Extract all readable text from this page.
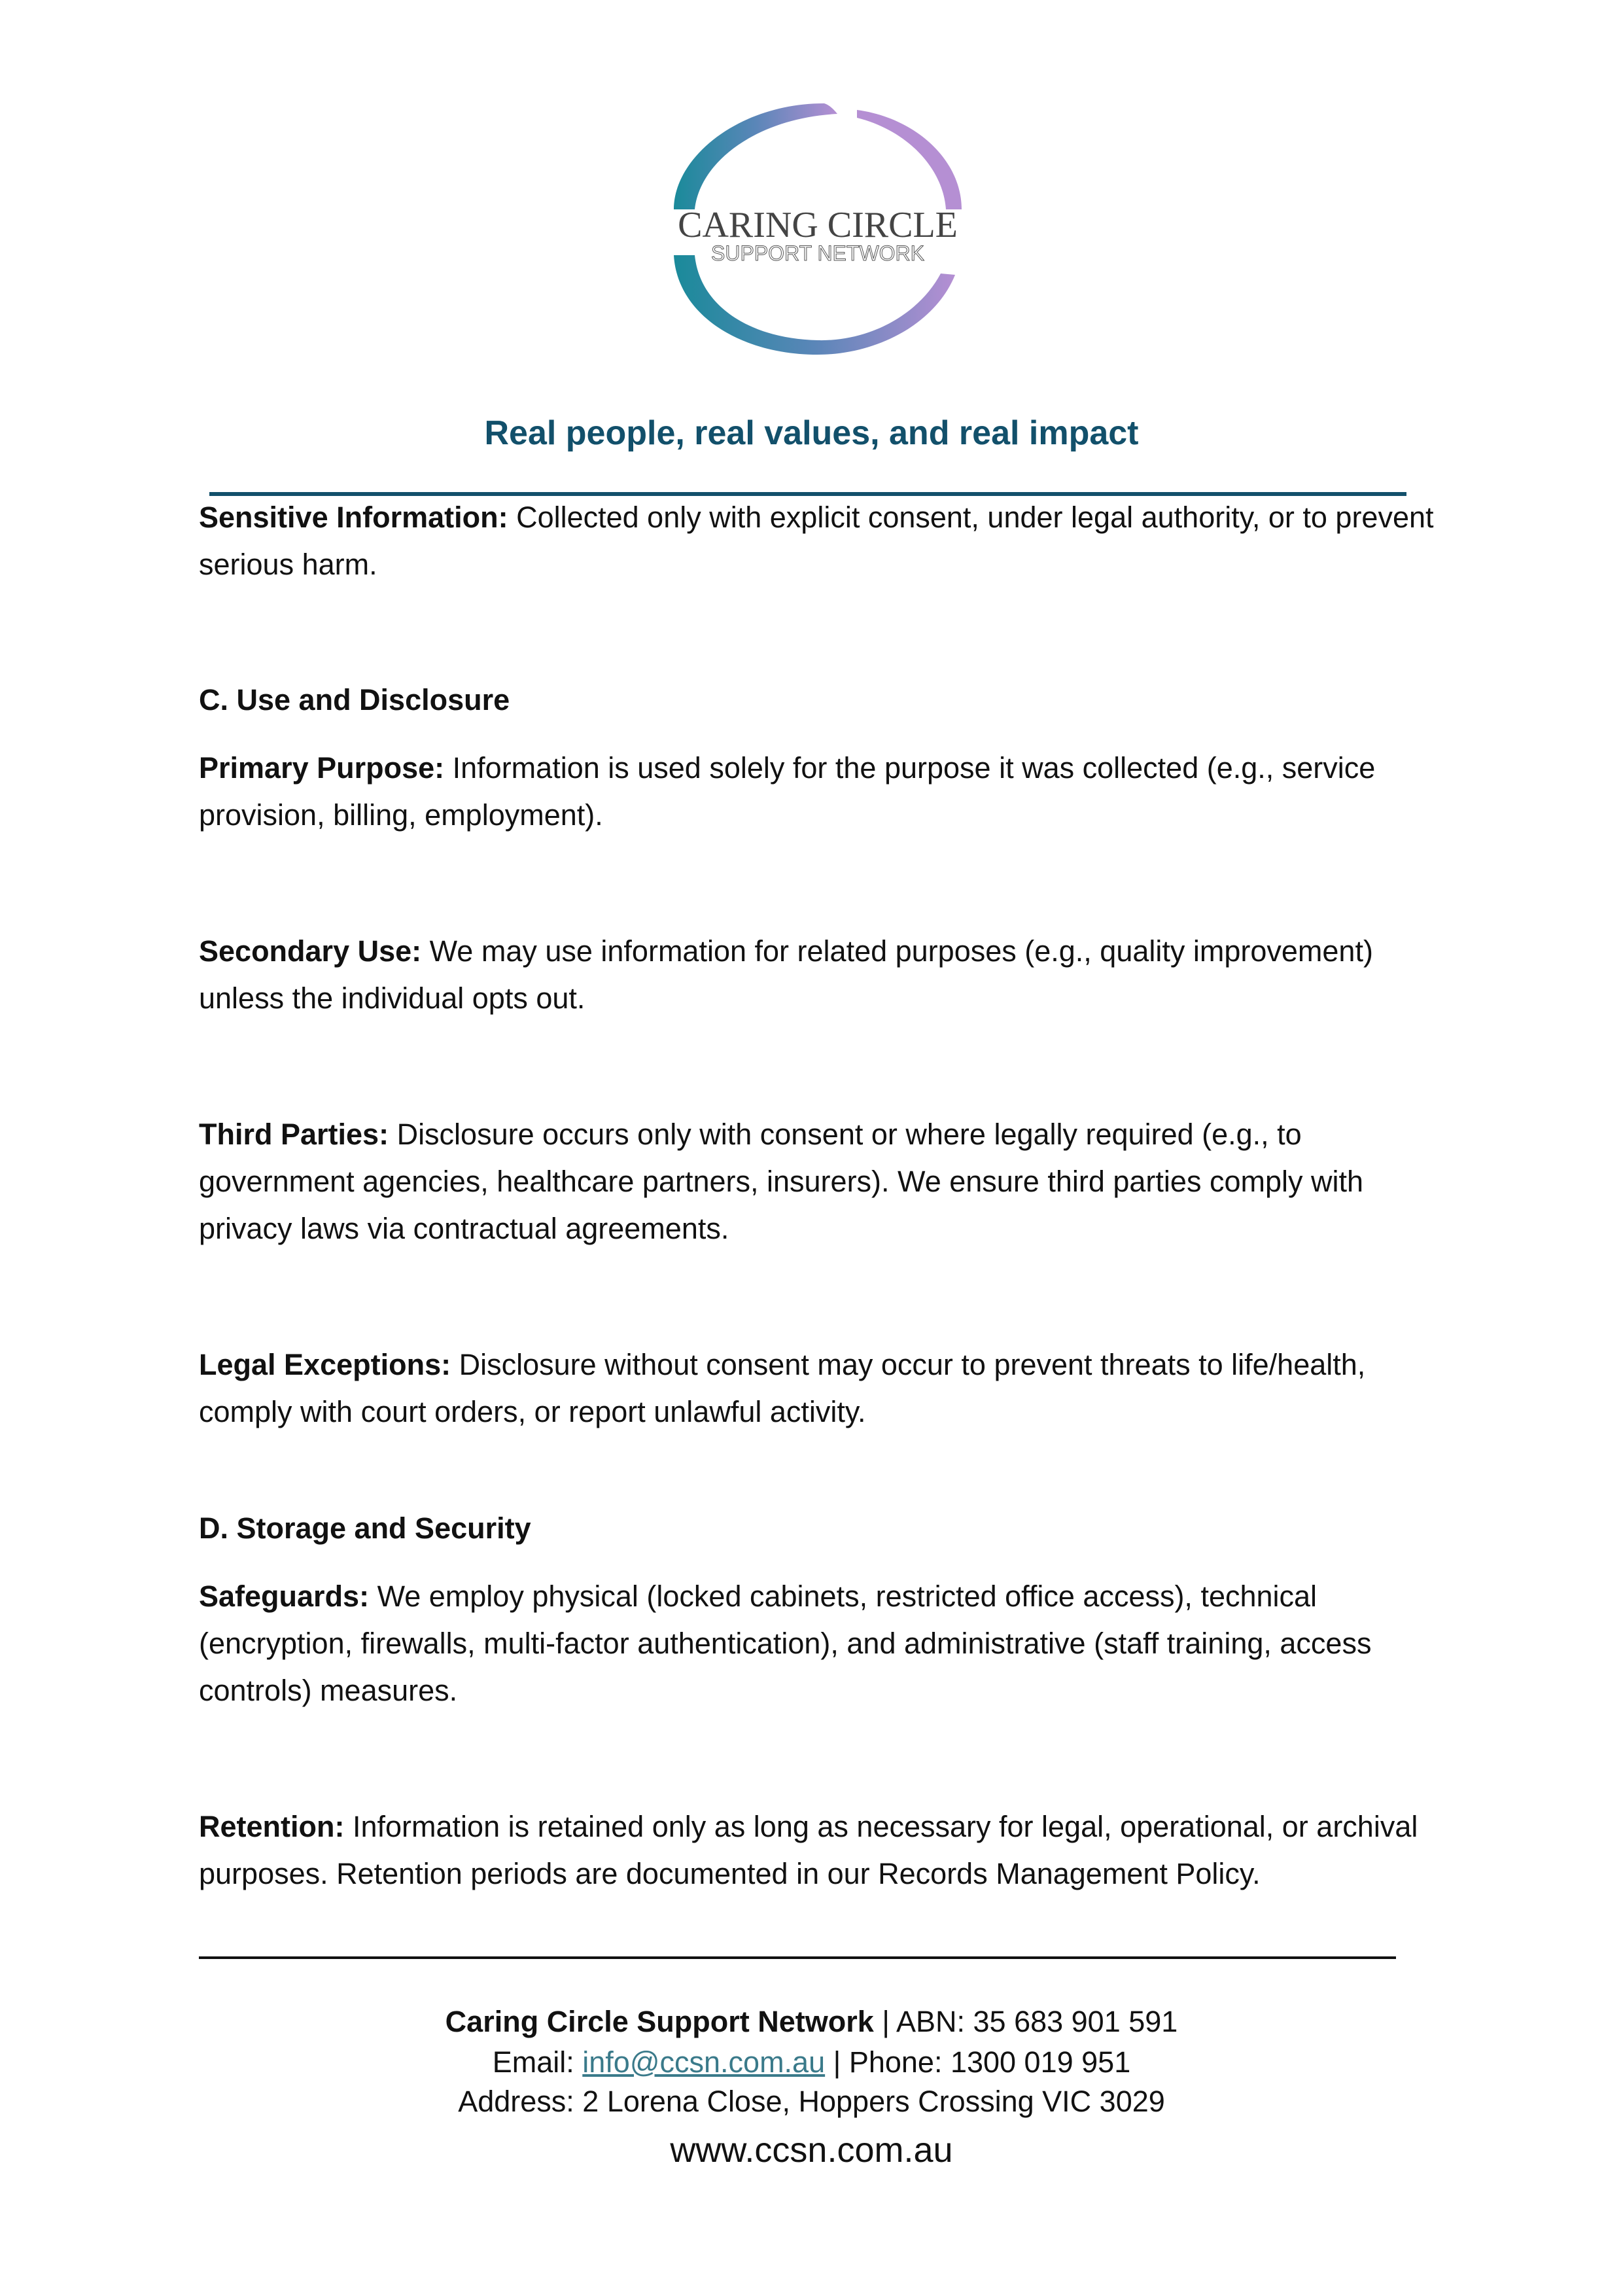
CARING CIRCLE
SUPPORT NETWORK
Real people, real values, and real impact

Sensitive Information: Collected only with explicit consent, under legal authority, or to prevent serious harm.

C. Use and Disclosure

Primary Purpose: Information is used solely for the purpose it was collected (e.g., service provision, billing, employment).

Secondary Use: We may use information for related purposes (e.g., quality improvement) unless the individual opts out.

Third Parties: Disclosure occurs only with consent or where legally required (e.g., to government agencies, healthcare partners, insurers). We ensure third parties comply with privacy laws via contractual agreements.

Legal Exceptions: Disclosure without consent may occur to prevent threats to life/health, comply with court orders, or report unlawful activity.

D. Storage and Security

Safeguards: We employ physical (locked cabinets, restricted office access), technical (encryption, firewalls, multi-factor authentication), and administrative (staff training, access controls) measures.

Retention: Information is retained only as long as necessary for legal, operational, or archival purposes. Retention periods are documented in our Records Management Policy.

Caring Circle Support Network | ABN: 35 683 901 591
Email: info@ccsn.com.au | Phone: 1300 019 951
Address: 2 Lorena Close, Hoppers Crossing VIC 3029
www.ccsn.com.au
